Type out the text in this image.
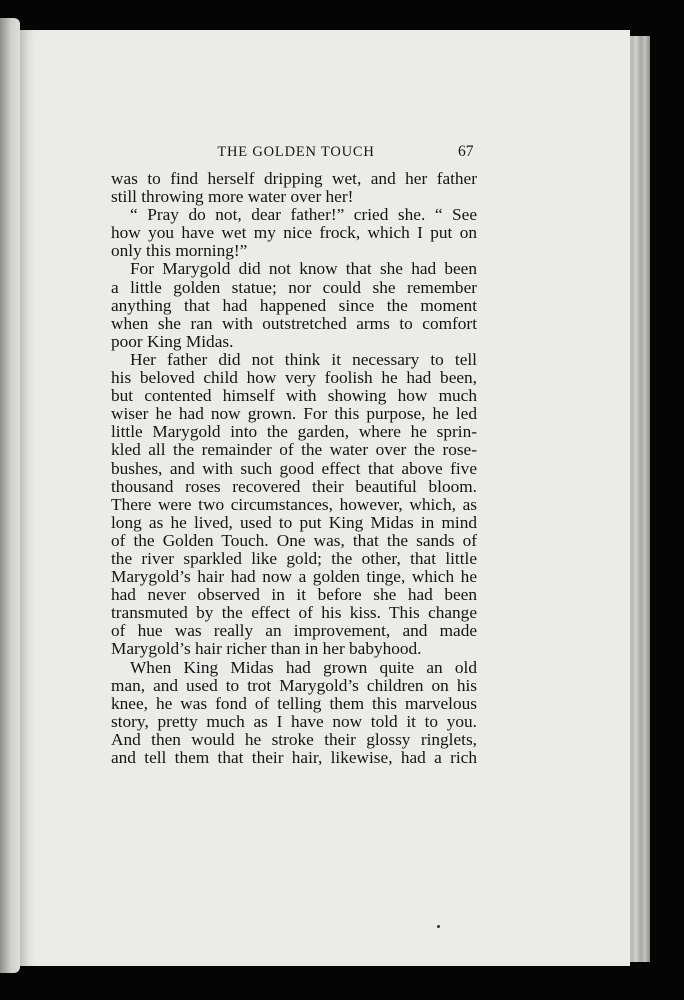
THE GOLDEN TOUCH	67
was to find herself dripping wet, and her father
still throwing more water over her!
“ Pray do not, dear father!” cried she. “ See
how you have wet my nice frock, which I put on
only this morning!”
For Marygold did not know that she had been
a little golden statue; nor could she remember
anything that had happened since the moment
when she ran with outstretched arms to comfort
poor King Midas.
Her father did not think it necessary to tell
his beloved child how very foolish he had been,
but contented himself with showing how much
wiser he had now grown. For this purpose, he led
little Marygold into the garden, where he sprin-
kled all the remainder of the water over the rose-
bushes, and with such good effect that above five
thousand roses recovered their beautiful bloom.
There were two circumstances, however, which, as
long as he lived, used to put King Midas in mind
of the Golden Touch. One was, that the sands of
the river sparkled like gold; the other, that little
Marygold’s hair had now a golden tinge, which he
had never observed in it before she had been
transmuted by the effect of his kiss. This change
of hue was really an improvement, and made
Marygold’s hair richer than in her babyhood.
When King Midas had grown quite an old
man, and used to trot Marygold’s children on his
knee, he was fond of telling them this marvelous
story, pretty much as I have now told it to you.
And then would he stroke their glossy ringlets,
and tell them that their hair, likewise, had a rich
